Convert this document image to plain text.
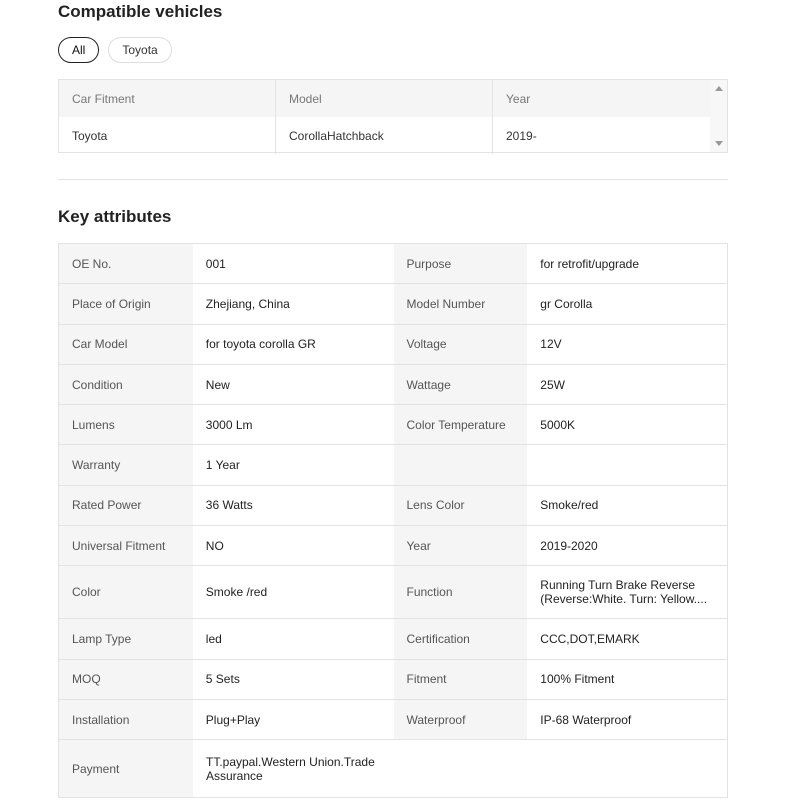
Compatible vehicles
All	Toyota
Car Fitment	Model	Year
Toyota	CorollaHatchback	2019-
Key attributes
OE No.	001	Purpose	for retrofit/upgrade
Place of Origin	Zhejiang, China	Model Number	gr Corolla
Car Model	for toyota corolla GR	Voltage	12V
Condition	New	Wattage	25W
Lumens	3000 Lm	Color Temperature	5000K
Warranty	1 Year
Rated Power	36 Watts	Lens Color	Smoke/red
Universal Fitment	NO	Year	2019-2020
Color	Smoke /red	Function	Running Turn Brake Reverse (Reverse:White. Turn: Yellow....
Lamp Type	led	Certification	CCC,DOT,EMARK
MOQ	5 Sets	Fitment	100% Fitment
Installation	Plug+Play	Waterproof	IP-68 Waterproof
Payment	TT.paypal.Western Union.Trade Assurance
